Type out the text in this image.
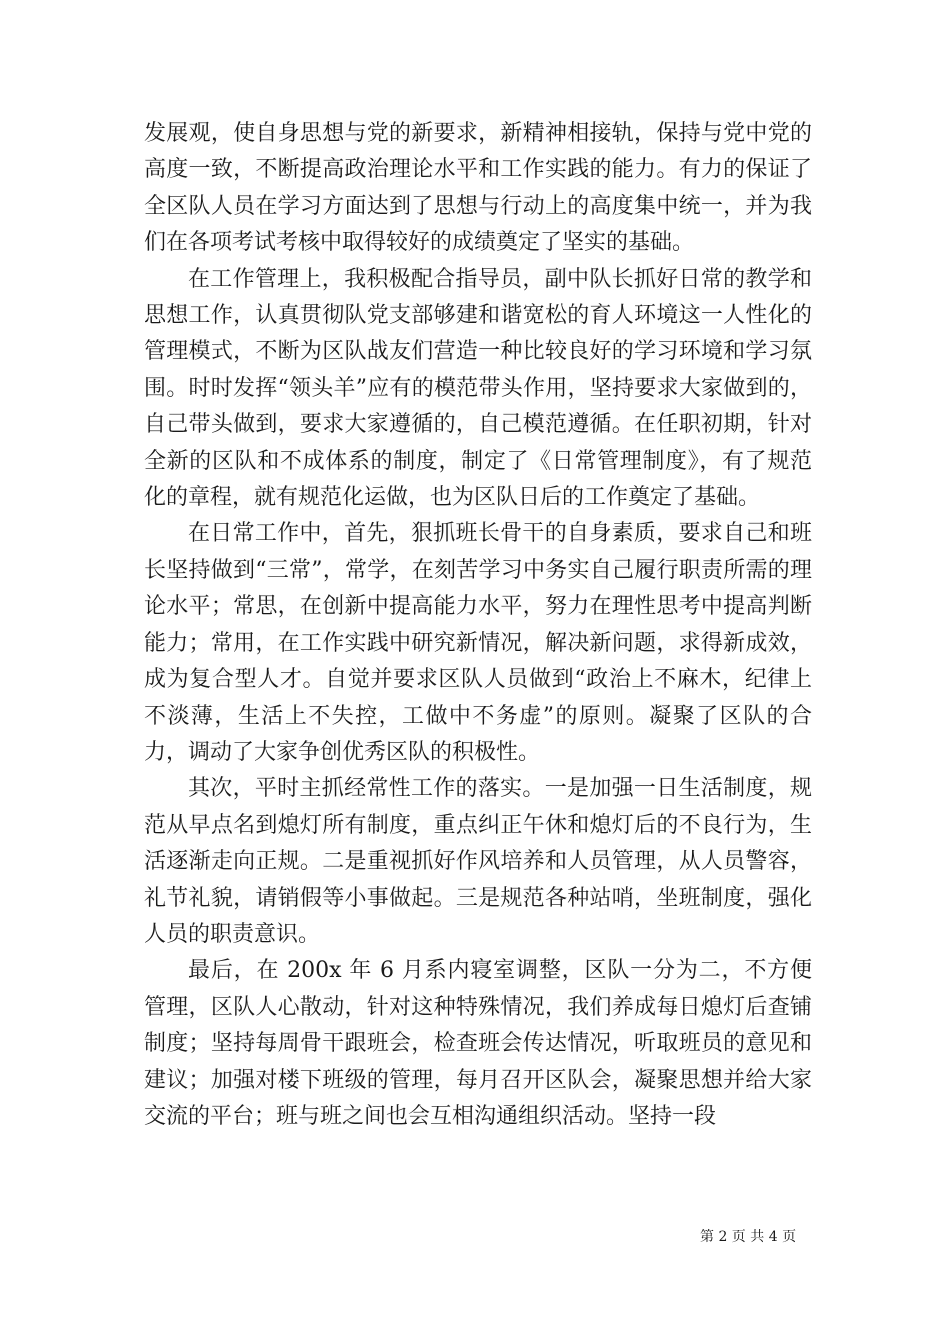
发展观，使自身思想与党的新要求，新精神相接轨，保持与党中党的高度一致，不断提高政治理论水平和工作实践的能力。有力的保证了全区队人员在学习方面达到了思想与行动上的高度集中统一，并为我们在各项考试考核中取得较好的成绩奠定了坚实的基础。

在工作管理上，我积极配合指导员，副中队长抓好日常的教学和思想工作，认真贯彻队党支部够建和谐宽松的育人环境这一人性化的管理模式，不断为区队战友们营造一种比较良好的学习环境和学习氛围。时时发挥“领头羊”应有的模范带头作用，坚持要求大家做到的，自己带头做到，要求大家遵循的，自己模范遵循。在任职初期，针对全新的区队和不成体系的制度，制定了《日常管理制度》，有了规范化的章程，就有规范化运做，也为区队日后的工作奠定了基础。

在日常工作中，首先，狠抓班长骨干的自身素质，要求自己和班长坚持做到“三常”，常学，在刻苦学习中务实自己履行职责所需的理论水平；常思，在创新中提高能力水平，努力在理性思考中提高判断能力；常用，在工作实践中研究新情况，解决新问题，求得新成效，成为复合型人才。自觉并要求区队人员做到“政治上不麻木，纪律上不淡薄，生活上不失控，工做中不务虚”的原则。凝聚了区队的合力，调动了大家争创优秀区队的积极性。

其次，平时主抓经常性工作的落实。一是加强一日生活制度，规范从早点名到熄灯所有制度，重点纠正午休和熄灯后的不良行为，生活逐渐走向正规。二是重视抓好作风培养和人员管理，从人员警容，礼节礼貌，请销假等小事做起。三是规范各种站哨，坐班制度，强化人员的职责意识。

最后，在 200x 年 6 月系内寝室调整，区队一分为二，不方便管理，区队人心散动，针对这种特殊情况，我们养成每日熄灯后查铺制度；坚持每周骨干跟班会，检查班会传达情况，听取班员的意见和建议；加强对楼下班级的管理，每月召开区队会，凝聚思想并给大家交流的平台；班与班之间也会互相沟通组织活动。坚持一段

第 2 页 共 4 页
